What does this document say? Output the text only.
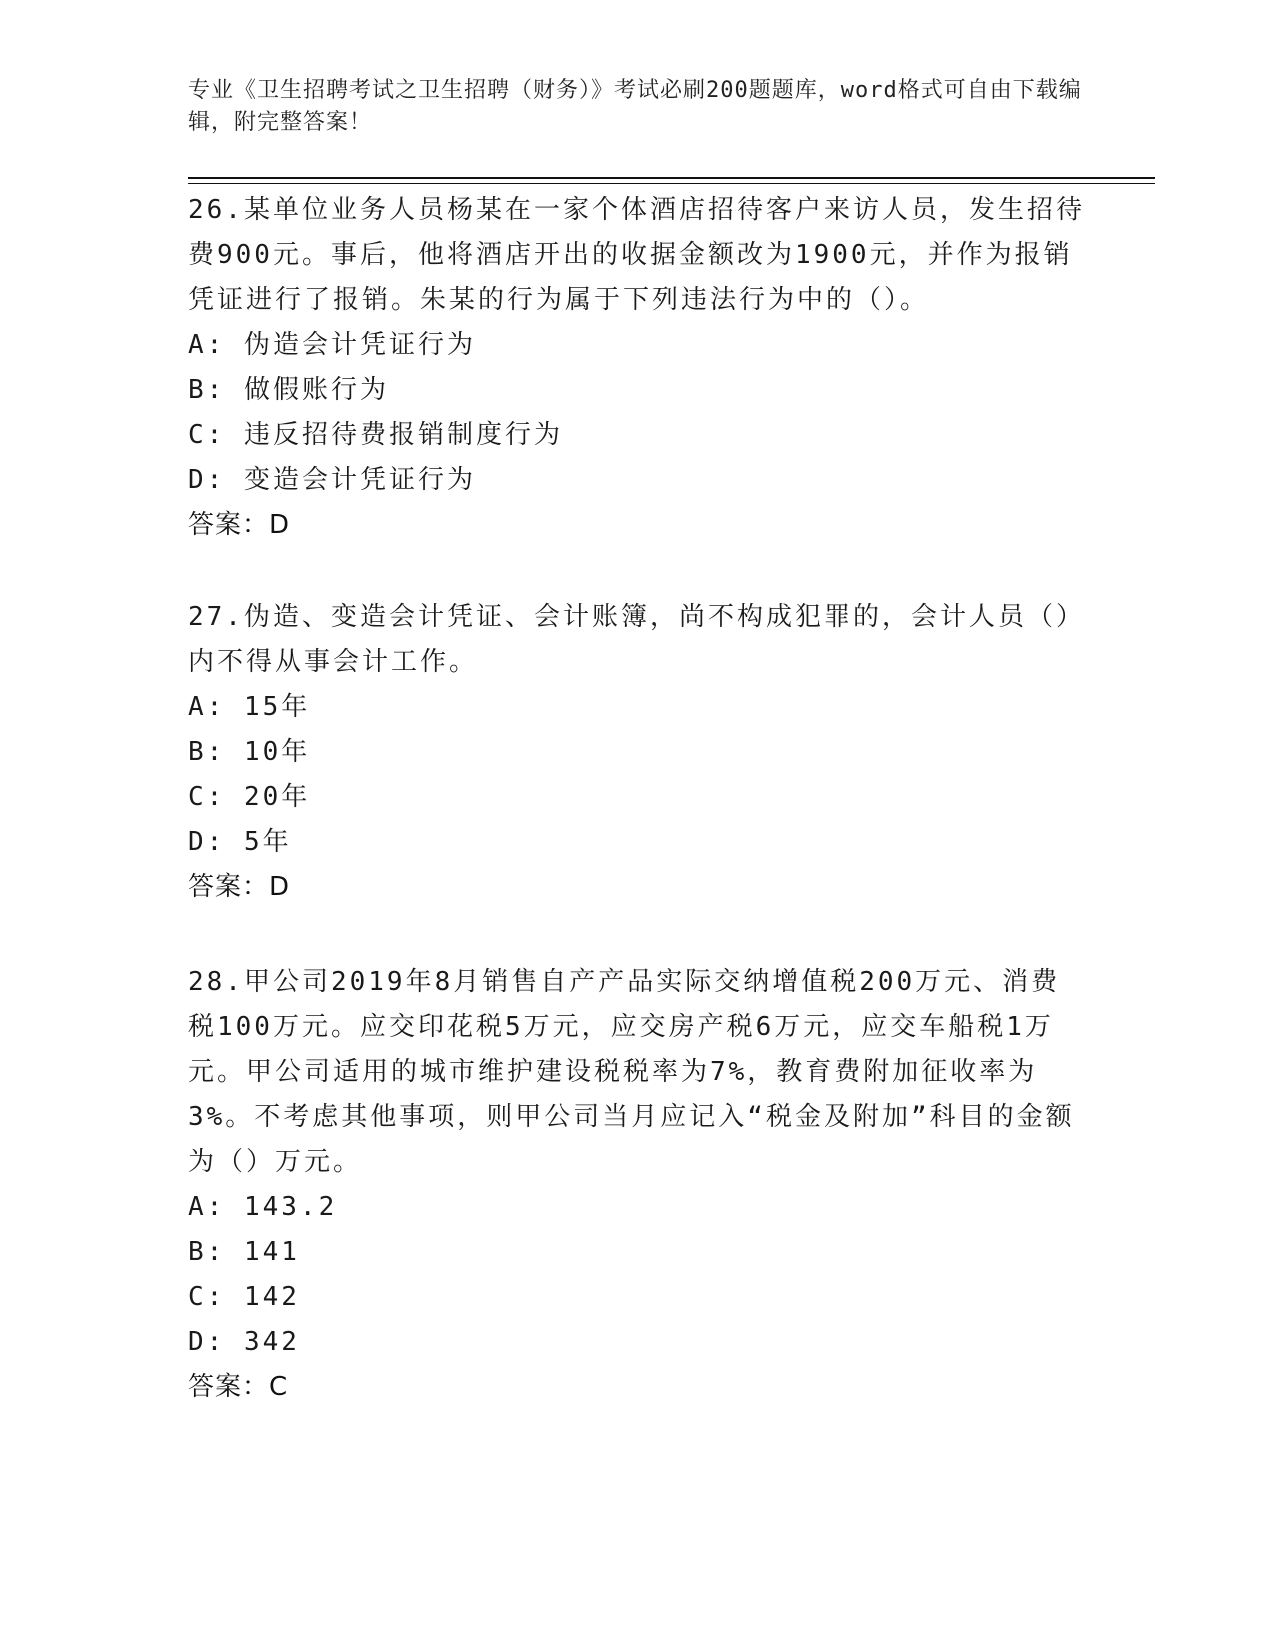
专业《卫生招聘考试之卫生招聘（财务）》考试必刷200题题库，word格式可自由下载编辑，附完整答案！

26.某单位业务人员杨某在一家个体酒店招待客户来访人员，发生招待费900元。事后，他将酒店开出的收据金额改为1900元，并作为报销凭证进行了报销。朱某的行为属于下列违法行为中的（）。

A: 伪造会计凭证行为
B: 做假账行为
C: 违反招待费报销制度行为
D: 变造会计凭证行为
答案：D

27.伪造、变造会计凭证、会计账簿，尚不构成犯罪的，会计人员（）内不得从事会计工作。

A: 15年
B: 10年
C: 20年
D: 5年
答案：D

28.甲公司2019年8月销售自产产品实际交纳增值税200万元、消费税100万元。应交印花税5万元，应交房产税6万元，应交车船税1万元。甲公司适用的城市维护建设税税率为7%，教育费附加征收率为3%。不考虑其他事项，则甲公司当月应记入“税金及附加”科目的金额为（）万元。

A: 143.2
B: 141
C: 142
D: 342
答案：C
